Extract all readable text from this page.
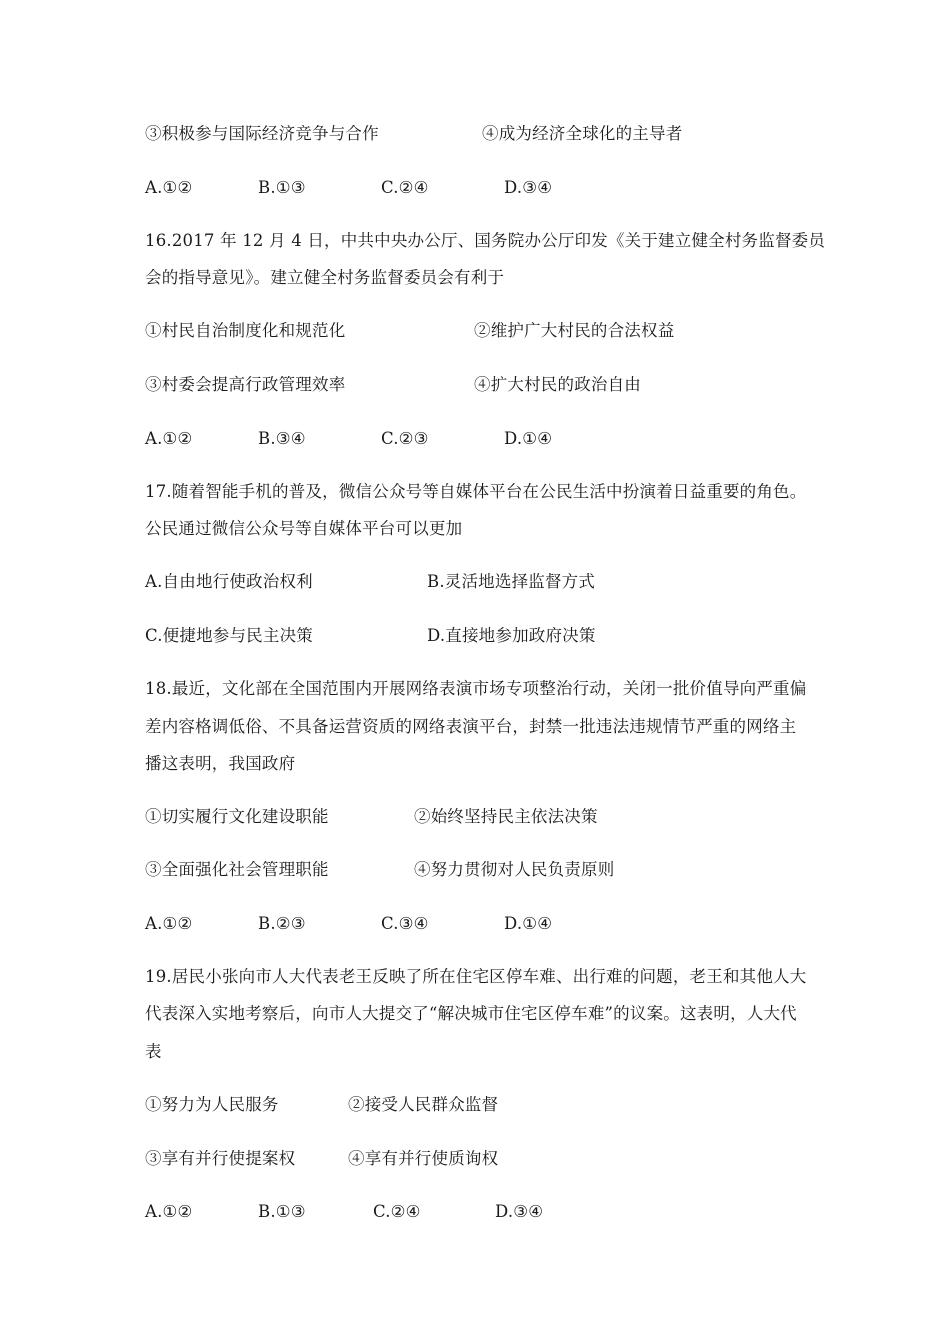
③积极参与国际经济竞争与合作	④成为经济全球化的主导者
A.①②	B.①③	C.②④	D.③④
16.2017 年 12 月 4 日，中共中央办公厅、国务院办公厅印发《关于建立健全村务监督委员
会的指导意见》。建立健全村务监督委员会有利于
①村民自治制度化和规范化	②维护广大村民的合法权益
③村委会提高行政管理效率	④扩大村民的政治自由
A.①②	B.③④	C.②③	D.①④
17.随着智能手机的普及，微信公众号等自媒体平台在公民生活中扮演着日益重要的角色。
公民通过微信公众号等自媒体平台可以更加
A.自由地行使政治权利	B.灵活地选择监督方式
C.便捷地参与民主决策	D.直接地参加政府决策
18.最近，文化部在全国范围内开展网络表演市场专项整治行动，关闭一批价值导向严重偏
差内容格调低俗、不具备运营资质的网络表演平台，封禁一批违法违规情节严重的网络主
播这表明，我国政府
①切实履行文化建设职能	②始终坚持民主依法决策
③全面强化社会管理职能	④努力贯彻对人民负责原则
A.①②	B.②③	C.③④	D.①④
19.居民小张向市人大代表老王反映了所在住宅区停车难、出行难的问题，老王和其他人大
代表深入实地考察后，向市人大提交了“解决城市住宅区停车难”的议案。这表明，人大代
表
①努力为人民服务	②接受人民群众监督
③享有并行使提案权	④享有并行使质询权
A.①②	B.①③	C.②④	D.③④
